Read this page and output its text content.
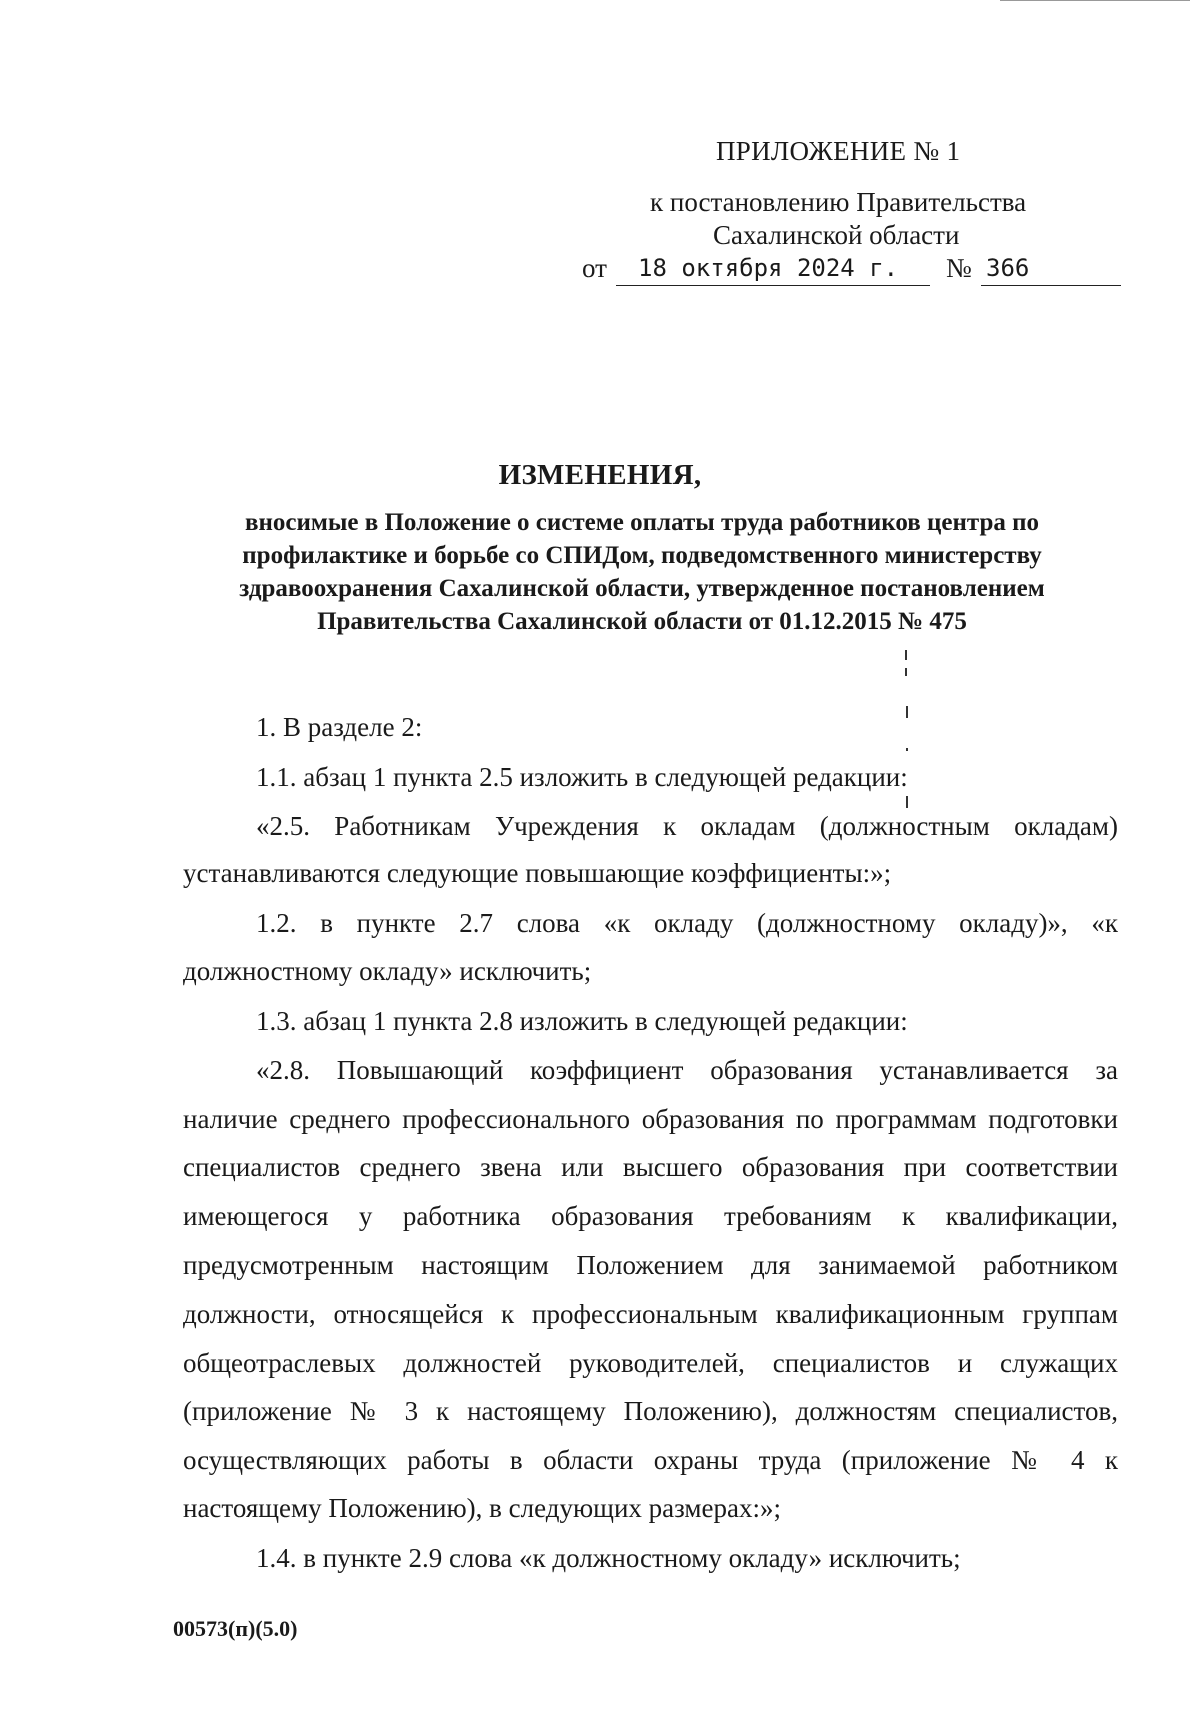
ПРИЛОЖЕНИЕ № 1
к постановлению Правительства
Сахалинской области
от	18 октября 2024 г.	№ 366
ИЗМЕНЕНИЯ,
вносимые в Положение о системе оплаты труда работников центра по профилактике и борьбе со СПИДом, подведомственного министерству здравоохранения Сахалинской области, утвержденное постановлением Правительства Сахалинской области от 01.12.2015 № 475
1. В разделе 2:
1.1. абзац 1 пункта 2.5 изложить в следующей редакции:
«2.5. Работникам Учреждения к окладам (должностным окладам)
устанавливаются следующие повышающие коэффициенты:»;
1.2. в пункте 2.7 слова «к окладу (должностному окладу)», «к
должностному окладу» исключить;
1.3. абзац 1 пункта 2.8 изложить в следующей редакции:
«2.8. Повышающий коэффициент образования устанавливается за
наличие среднего профессионального образования по программам подготовки
специалистов среднего звена или высшего образования при соответствии
имеющегося у работника образования требованиям к квалификации,
предусмотренным настоящим Положением для занимаемой работником
должности, относящейся к профессиональным квалификационным группам
общеотраслевых должностей руководителей, специалистов и служащих
(приложение № 3 к настоящему Положению), должностям специалистов,
осуществляющих работы в области охраны труда (приложение № 4 к
настоящему Положению), в следующих размерах:»;
1.4. в пункте 2.9 слова «к должностному окладу» исключить;
00573(п)(5.0)
